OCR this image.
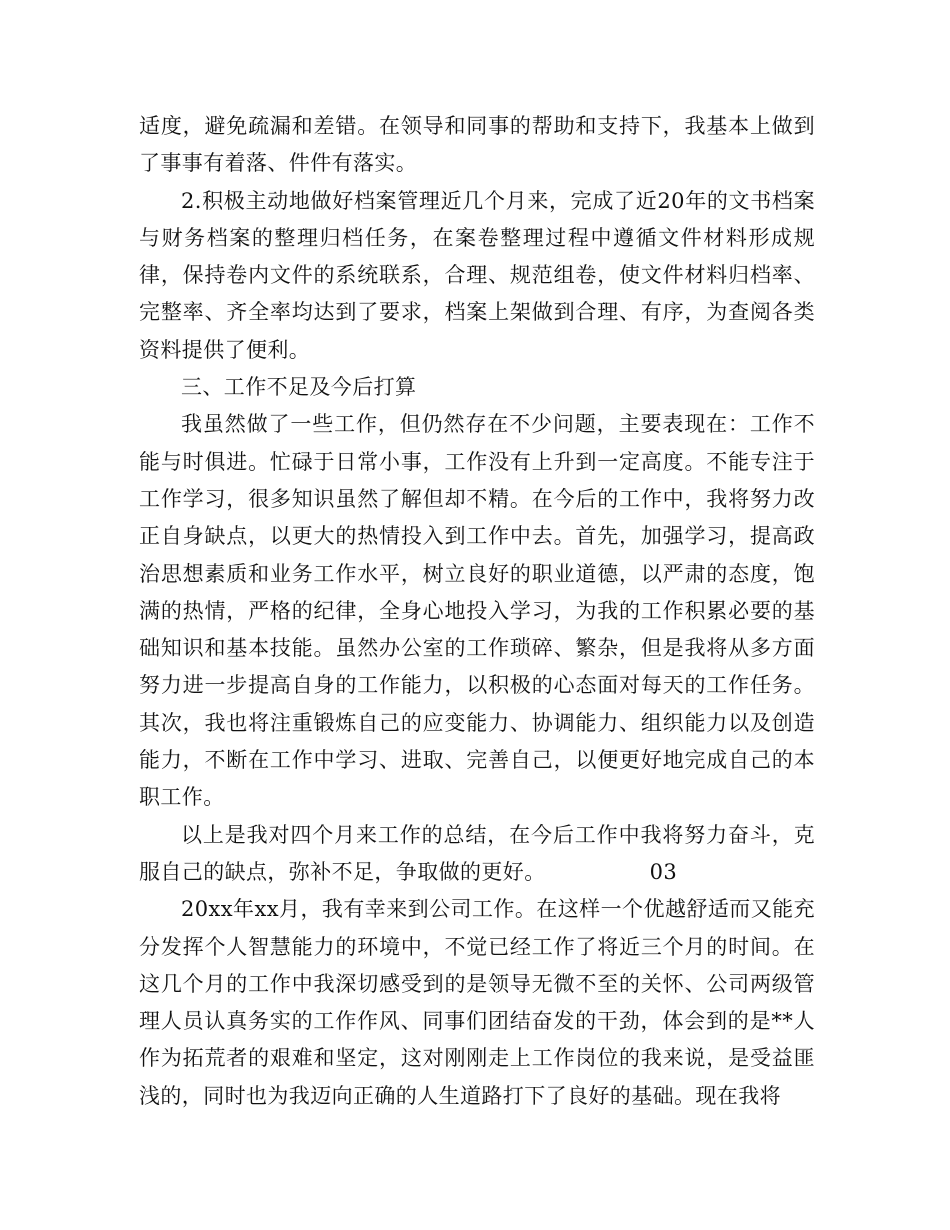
适度，避免疏漏和差错。在领导和同事的帮助和支持下，我基本上做到了事事有着落、件件有落实。

2.积极主动地做好档案管理近几个月来，完成了近20年的文书档案与财务档案的整理归档任务，在案卷整理过程中遵循文件材料形成规律，保持卷内文件的系统联系，合理、规范组卷，使文件材料归档率、完整率、齐全率均达到了要求，档案上架做到合理、有序，为查阅各类资料提供了便利。

三、工作不足及今后打算

我虽然做了一些工作，但仍然存在不少问题，主要表现在：工作不能与时俱进。忙碌于日常小事，工作没有上升到一定高度。不能专注于工作学习，很多知识虽然了解但却不精。在今后的工作中，我将努力改正自身缺点，以更大的热情投入到工作中去。首先，加强学习，提高政治思想素质和业务工作水平，树立良好的职业道德，以严肃的态度，饱满的热情，严格的纪律，全身心地投入学习，为我的工作积累必要的基础知识和基本技能。虽然办公室的工作琐碎、繁杂，但是我将从多方面努力进一步提高自身的工作能力，以积极的心态面对每天的工作任务。其次，我也将注重锻炼自己的应变能力、协调能力、组织能力以及创造能力，不断在工作中学习、进取、完善自己，以便更好地完成自己的本职工作。

以上是我对四个月来工作的总结，在今后工作中我将努力奋斗，克服自己的缺点，弥补不足，争取做的更好。	03

20xx年xx月，我有幸来到公司工作。在这样一个优越舒适而又能充分发挥个人智慧能力的环境中，不觉已经工作了将近三个月的时间。在这几个月的工作中我深切感受到的是领导无微不至的关怀、公司两级管理人员认真务实的工作作风、同事们团结奋发的干劲，体会到的是**人作为拓荒者的艰难和坚定，这对刚刚走上工作岗位的我来说，是受益匪浅的，同时也为我迈向正确的人生道路打下了良好的基础。现在我将
